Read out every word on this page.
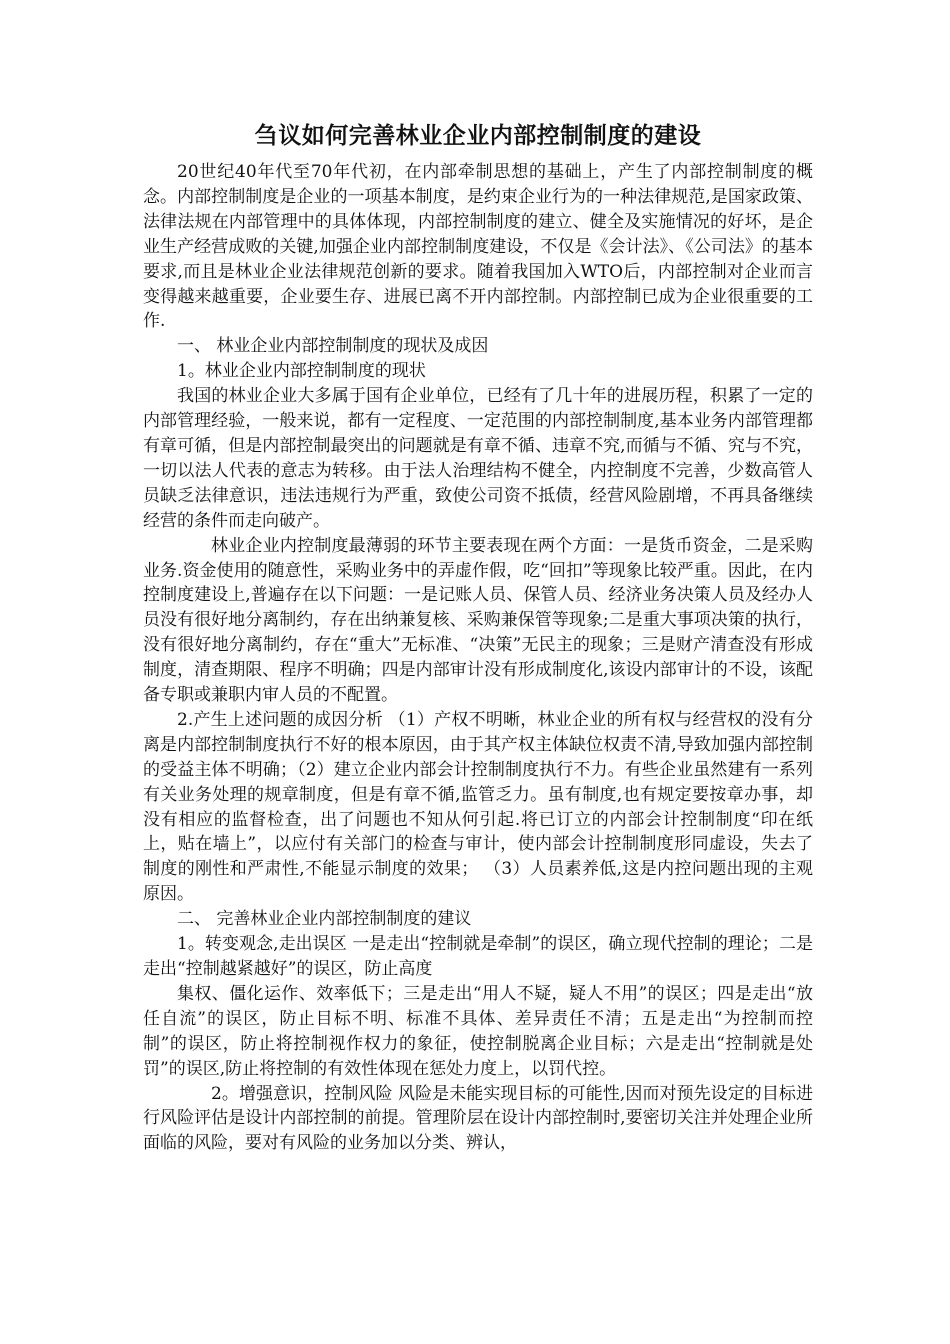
刍议如何完善林业企业内部控制制度的建设

20世纪40年代至70年代初，在内部牵制思想的基础上，产生了内部控制制度的概念。内部控制制度是企业的一项基本制度，是约束企业行为的一种法律规范,是国家政策、法律法规在内部管理中的具体体现，内部控制制度的建立、健全及实施情况的好坏，是企业生产经营成败的关键,加强企业内部控制制度建设，不仅是《会计法》、《公司法》的基本要求,而且是林业企业法律规范创新的要求。随着我国加入WTO后，内部控制对企业而言变得越来越重要，企业要生存、进展已离不开内部控制。内部控制已成为企业很重要的工作.

一、 林业企业内部控制制度的现状及成因

1。林业企业内部控制制度的现状

我国的林业企业大多属于国有企业单位，已经有了几十年的进展历程，积累了一定的内部管理经验，一般来说，都有一定程度、一定范围的内部控制制度,基本业务内部管理都有章可循，但是内部控制最突出的问题就是有章不循、违章不究,而循与不循、究与不究，一切以法人代表的意志为转移。由于法人治理结构不健全，内控制度不完善，少数高管人员缺乏法律意识，违法违规行为严重，致使公司资不抵债，经营风险剧增，不再具备继续经营的条件而走向破产。

林业企业内控制度最薄弱的环节主要表现在两个方面：一是货币资金，二是采购业务.资金使用的随意性，采购业务中的弄虚作假，吃“回扣”等现象比较严重。因此，在内控制度建设上,普遍存在以下问题：一是记账人员、保管人员、经济业务决策人员及经办人员没有很好地分离制约，存在出纳兼复核、采购兼保管等现象;二是重大事项决策的执行，没有很好地分离制约，存在“重大”无标准、“决策”无民主的现象；三是财产清查没有形成制度，清查期限、程序不明确；四是内部审计没有形成制度化,该设内部审计的不设，该配备专职或兼职内审人员的不配置。

2.产生上述问题的成因分析 （1）产权不明晰，林业企业的所有权与经营权的没有分离是内部控制制度执行不好的根本原因，由于其产权主体缺位权责不清,导致加强内部控制的受益主体不明确；（2）建立企业内部会计控制制度执行不力。有些企业虽然建有一系列有关业务处理的规章制度，但是有章不循,监管乏力。虽有制度,也有规定要按章办事，却没有相应的监督检查，出了问题也不知从何引起.将已订立的内部会计控制制度“印在纸上，贴在墙上”，以应付有关部门的检查与审计，使内部会计控制制度形同虚设，失去了制度的刚性和严肃性,不能显示制度的效果； （3）人员素养低,这是内控问题出现的主观原因。

二、 完善林业企业内部控制制度的建议

1。转变观念,走出误区 一是走出“控制就是牵制”的误区，确立现代控制的理论；二是走出“控制越紧越好”的误区，防止高度

集权、僵化运作、效率低下；三是走出“用人不疑，疑人不用”的误区；四是走出“放任自流”的误区，防止目标不明、标准不具体、差异责任不清；五是走出“为控制而控制”的误区，防止将控制视作权力的象征，使控制脱离企业目标；六是走出“控制就是处罚”的误区,防止将控制的有效性体现在惩处力度上，以罚代控。

2。增强意识，控制风险 风险是未能实现目标的可能性,因而对预先设定的目标进行风险评估是设计内部控制的前提。管理阶层在设计内部控制时,要密切关注并处理企业所面临的风险，要对有风险的业务加以分类、辨认，
